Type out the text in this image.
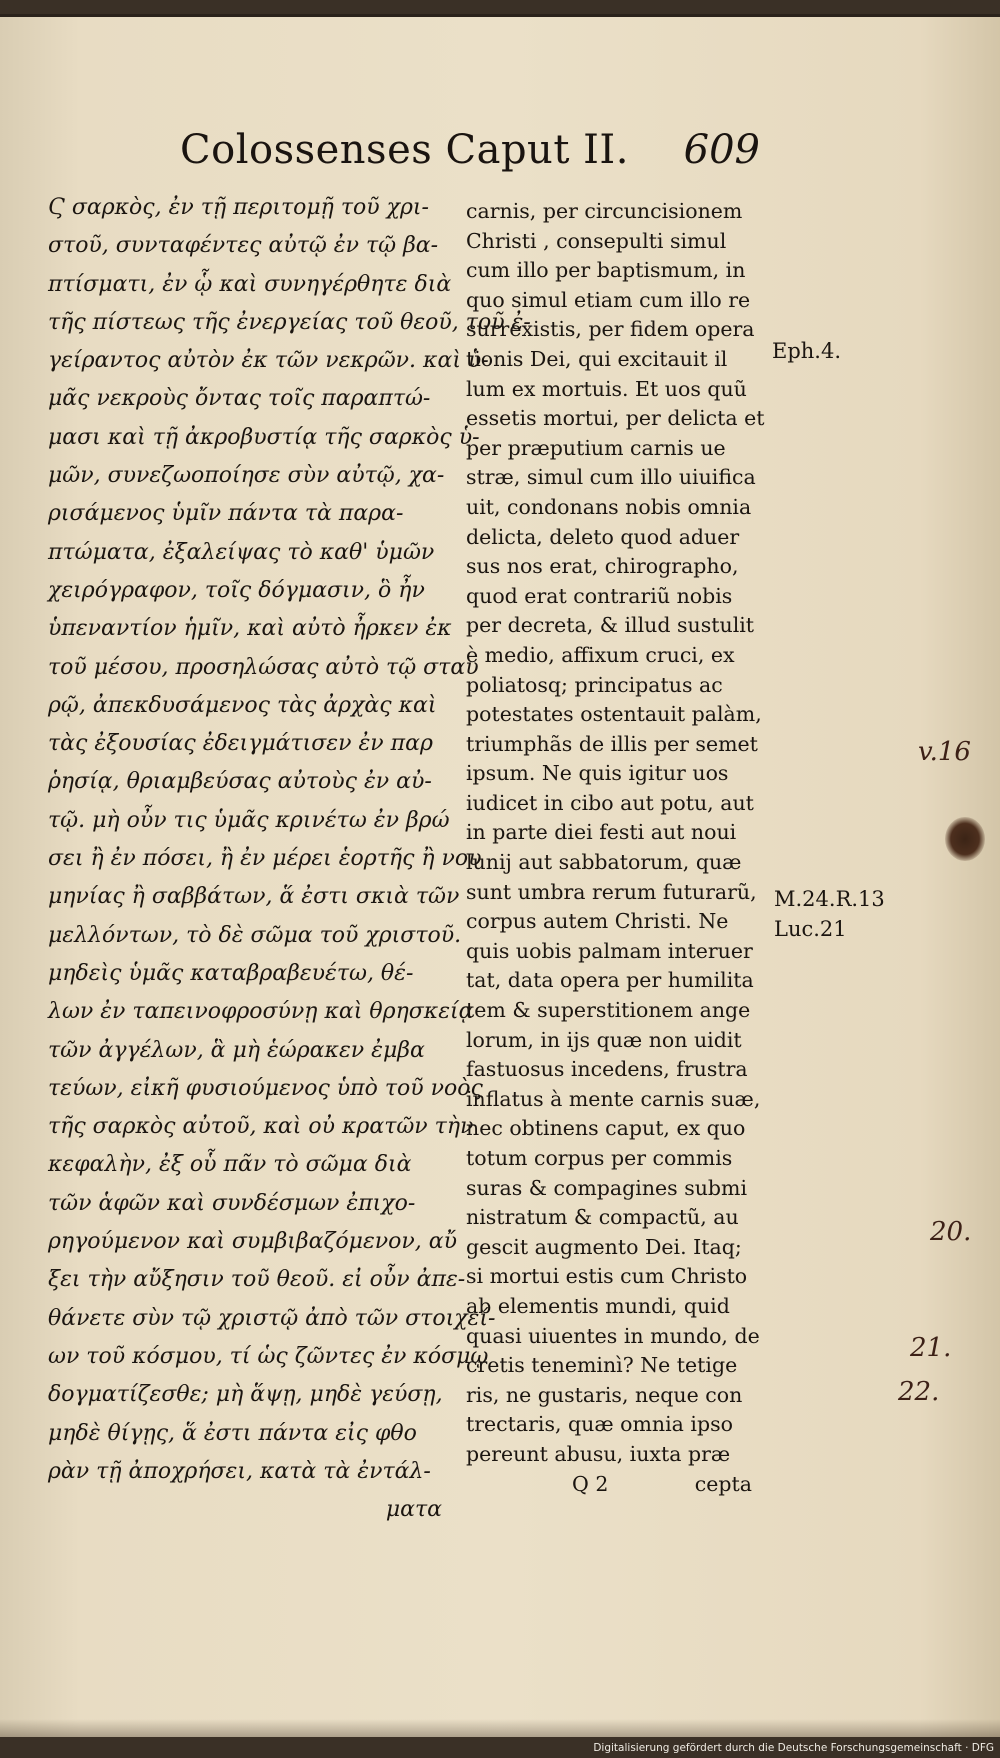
Colossenses Caput II. 609
Ϛ σαρκὸς, ἐν τῇ περιτομῇ τοῦ χρι-
στοῦ, συνταφέντες αὐτῷ ἐν τῷ βα-
πτίσματι, ἐν ᾧ καὶ συνηγέρθητε διὰ
τῆς πίστεως τῆς ἐνεργείας τοῦ θεοῦ, τοῦ ἐ-
γείραντος αὐτὸν ἐκ τῶν νεκρῶν. καὶ ὑ-
μᾶς νεκροὺς ὄντας τοῖς παραπτώ-
μασι καὶ τῇ ἀκροβυστίᾳ τῆς σαρκὸς ὑ-
μῶν, συνεζωοποίησε σὺν αὐτῷ, χα-
ρισάμενος ὑμῖν πάντα τὰ παρα-
πτώματα, ἐξαλείψας τὸ καθ' ὑμῶν
χειρόγραφον, τοῖς δόγμασιν, ὃ ἦν
ὑπεναντίον ἡμῖν, καὶ αὐτὸ ἦρκεν ἐκ
τοῦ μέσου, προσηλώσας αὐτὸ τῷ σταυ
ρῷ, ἀπεκδυσάμενος τὰς ἀρχὰς καὶ
τὰς ἐξουσίας ἐδειγμάτισεν ἐν παρ
ῥησίᾳ, θριαμβεύσας αὐτοὺς ἐν αὐ-
τῷ. μὴ οὖν τις ὑμᾶς κρινέτω ἐν βρώ
σει ἢ ἐν πόσει, ἢ ἐν μέρει ἑορτῆς ἢ νου
μηνίας ἢ σαββάτων, ἅ ἐστι σκιὰ τῶν
μελλόντων, τὸ δὲ σῶμα τοῦ χριστοῦ.
μηδεὶς ὑμᾶς καταβραβευέτω, θέ-
λων ἐν ταπεινοφροσύνῃ καὶ θρησκείᾳ
τῶν ἀγγέλων, ἃ μὴ ἑώρακεν ἐμβα
τεύων, εἰκῆ φυσιούμενος ὑπὸ τοῦ νοὸς
τῆς σαρκὸς αὐτοῦ, καὶ οὐ κρατῶν τὴν
κεφαλὴν, ἐξ οὗ πᾶν τὸ σῶμα διὰ
τῶν ἁφῶν καὶ συνδέσμων ἐπιχο-
ρηγούμενον καὶ συμβιβαζόμενον, αὔ
ξει τὴν αὔξησιν τοῦ θεοῦ. εἰ οὖν ἀπε-
θάνετε σὺν τῷ χριστῷ ἀπὸ τῶν στοιχεί-
ων τοῦ κόσμου, τί ὡς ζῶντες ἐν κόσμῳ
δογματίζεσθε; μὴ ἅψῃ, μηδὲ γεύσῃ,
μηδὲ θίγῃς, ἅ ἐστι πάντα εἰς φθο
ρὰν τῇ ἀποχρήσει, κατὰ τὰ ἐντάλ-
ματα
carnis, per circuncisionem
Christi , consepulti simul
cum illo per baptismum, in
quo simul etiam cum illo re
surrexistis, per fidem opera
tionis Dei, qui excitauit il
lum ex mortuis. Et uos quũ
essetis mortui, per delicta et
per præputium carnis ue
stræ, simul cum illo uiuifica
uit, condonans nobis omnia
delicta, deleto quod aduer
sus nos erat, chirographo,
quod erat contrariũ nobis
per decreta, & illud sustulit
è medio, affixum cruci, ex
poliatosq; principatus ac
potestates ostentauit palàm,
triumphãs de illis per semet
ipsum. Ne quis igitur uos
iudicet in cibo aut potu, aut
in parte diei festi aut noui
lunij aut sabbatorum, quæ
sunt umbra rerum futurarũ,
corpus autem Christi. Ne
quis uobis palmam interuer
tat, data opera per humilita
tem & superstitionem ange
lorum, in ijs quæ non uidit
fastuosus incedens, frustra
inflatus à mente carnis suæ,
nec obtinens caput, ex quo
totum corpus per commis
suras & compagines submi
nistratum & compactũ, au
gescit augmento Dei. Itaq;
si mortui estis cum Christo
ab elementis mundi, quid
quasi uiuentes in mundo, de
cretis teneminì? Ne tetige
ris, ne gustaris, neque con
trectaris, quæ omnia ipso
pereunt abusu, iuxta præ
Q 2	cepta
Eph.4.
M.24.R.13
Luc.21
v.16
20.
21.
22.
Digitalisierung gefördert durch die Deutsche Forschungsgemeinschaft · DFG
